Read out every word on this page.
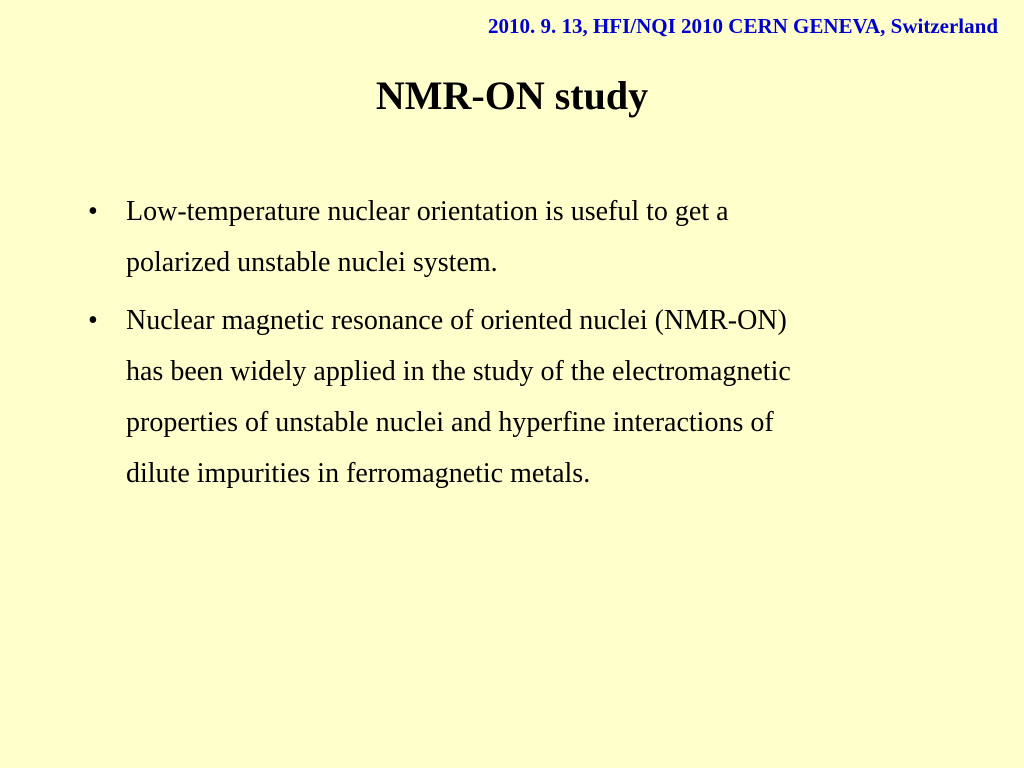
2010. 9. 13, HFI/NQI 2010 CERN GENEVA, Switzerland
NMR-ON study
•	Low-temperature nuclear orientation is useful to get a
polarized unstable nuclei system.
•	Nuclear magnetic resonance of oriented nuclei (NMR-ON)
has been widely applied in the study of the electromagnetic
properties of unstable nuclei and hyperfine interactions of
dilute impurities in ferromagnetic metals.
